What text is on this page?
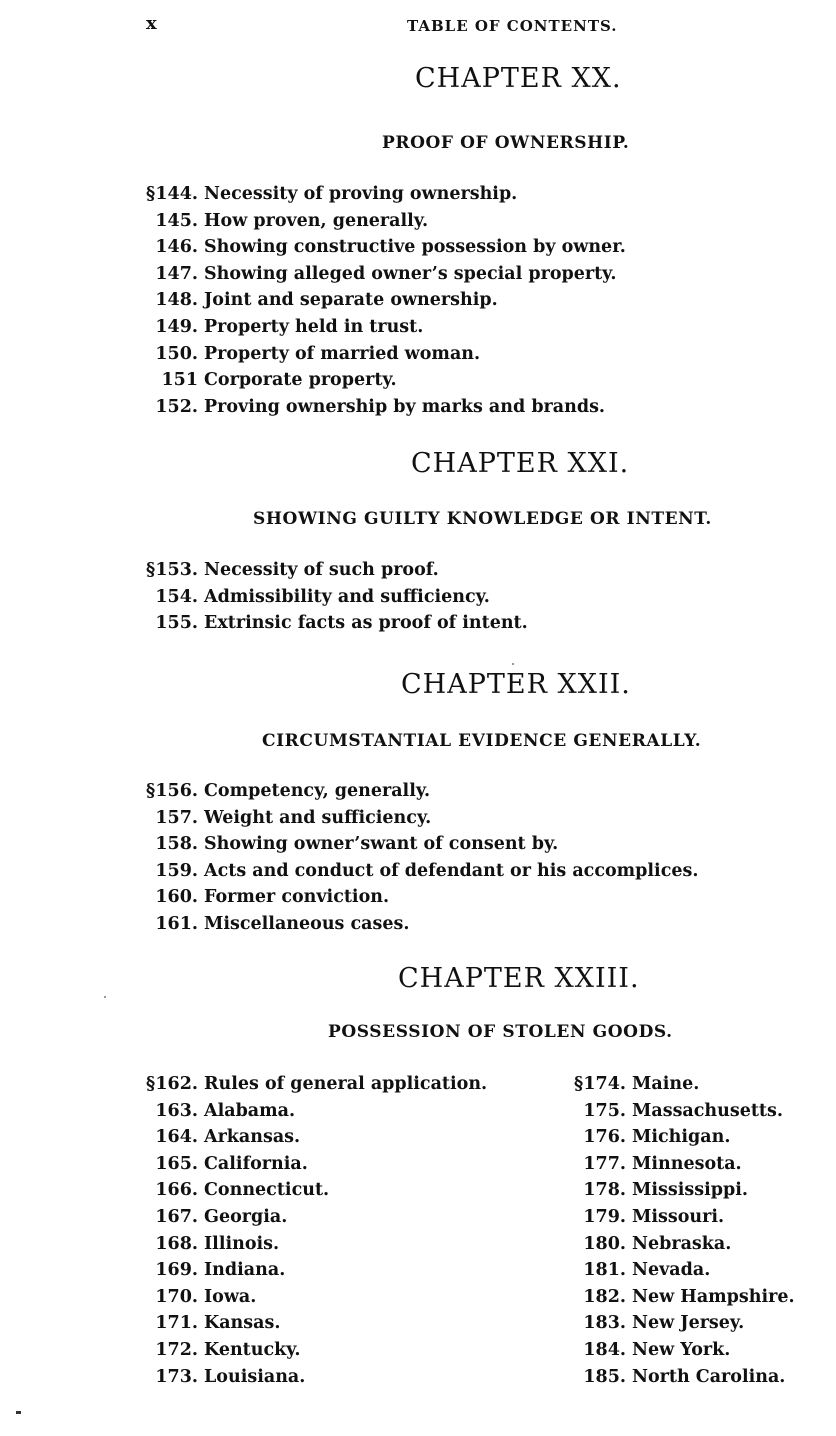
x	TABLE OF CONTENTS.
CHAPTER XX.
PROOF OF OWNERSHIP.
§ 144. Necessity of proving ownership.
145. How proven, generally.
146. Showing constructive possession by owner.
147. Showing alleged owner’s special property.
148. Joint and separate ownership.
149. Property held in trust.
150. Property of married woman.
151 Corporate property.
152. Proving ownership by marks and brands.
CHAPTER XXI.
SHOWING GUILTY KNOWLEDGE OR INTENT.
§ 153. Necessity of such proof.
154. Admissibility and sufficiency.
155. Extrinsic facts as proof of intent.
CHAPTER XXII.
CIRCUMSTANTIAL EVIDENCE GENERALLY.
§ 156. Competency, generally.
157. Weight and sufficiency.
158. Showing owner’swant of consent by.
159. Acts and conduct of defendant or his accomplices.
160. Former conviction.
161. Miscellaneous cases.
CHAPTER XXIII.
POSSESSION OF STOLEN GOODS.
§ 162. Rules of general application.
163. Alabama.
164. Arkansas.
165. California.
166. Connecticut.
167. Georgia.
168. Illinois.
169. Indiana.
170. Iowa.
171. Kansas.
172. Kentucky.
173. Louisiana.
§ 174. Maine.
175. Massachusetts.
176. Michigan.
177. Minnesota.
178. Mississippi.
179. Missouri.
180. Nebraska.
181. Nevada.
182. New Hampshire.
183. New Jersey.
184. New York.
185. North Carolina.
